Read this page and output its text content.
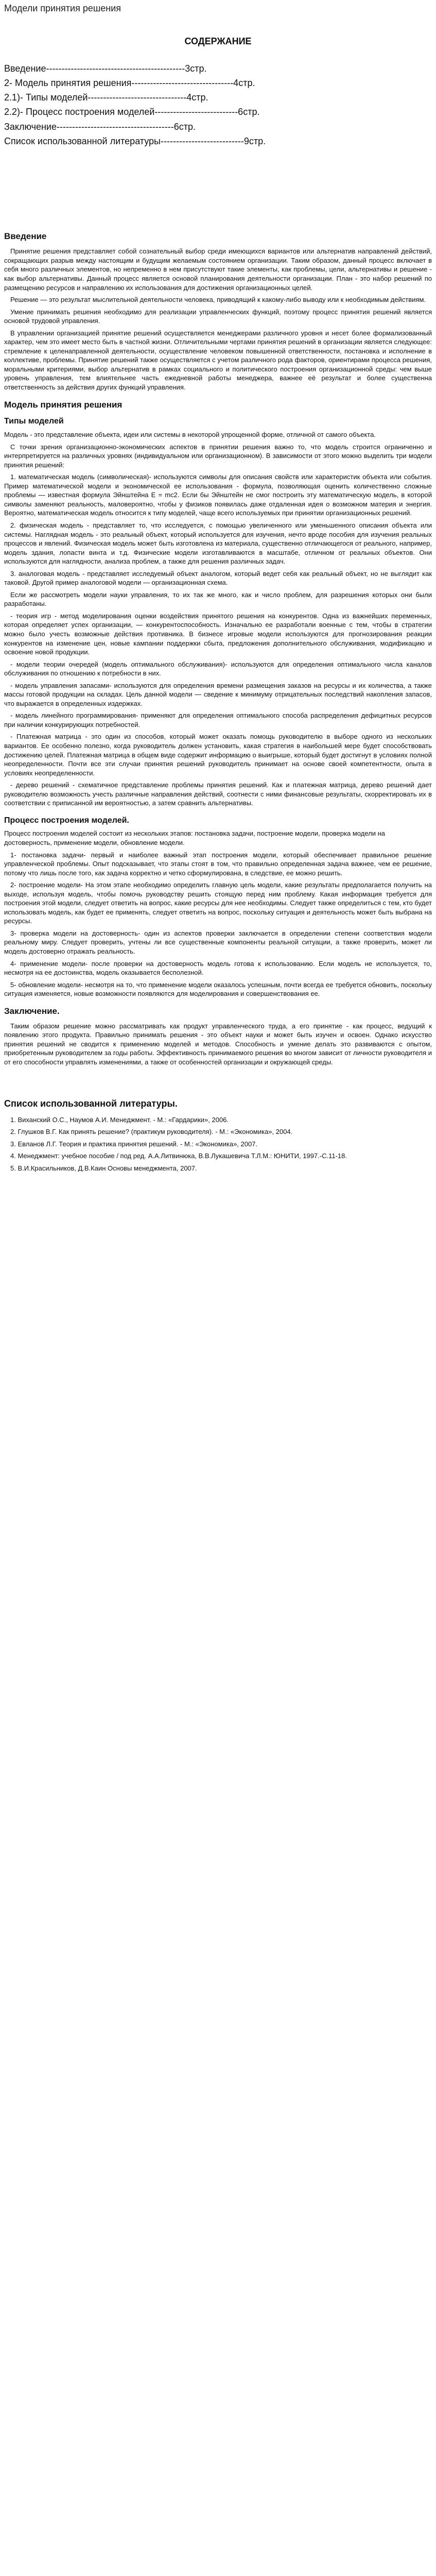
Модели принятия решения
СОДЕРЖАНИЕ
Введение---------------------------------------------3стр.
2- Модель принятия решения---------------------------------4стр.
2.1)- Типы моделей--------------------------------4стр.
2.2)- Процесс построения моделей---------------------------6стр.
Заключение--------------------------------------6стр.
Список использованной литературы---------------------------9стр.
Введение

Принятие решения представляет собой сознательный выбор среди имеющихся вариантов или альтернатив направлений действий, сокращающих разрыв между настоящим и будущим желаемым состоянием организации. Таким образом, данный процесс включает в себя много различных элементов, но непременно в нем присутствуют такие элементы, как проблемы, цели, альтернативы и решение - как выбор альтернативы. Данный процесс является основой планирования деятельности организации. План - это набор решений по размещению ресурсов и направлению их использования для достижения организационных целей.

Решение — это результат мыслительной деятельности человека, приводящий к какому-либо выводу или к необходимым действиям.

Умение принимать решения необходимо для реализации управленческих функций, поэтому процесс принятия решений является основой трудовой управления.

В управлении организацией принятие решений осуществляется менеджерами различного уровня и несет более формализованный характер, чем это имеет место быть в частной жизни. Отличительными чертами принятия решений в организации является следующее: стремление к целенаправленной деятельности, осуществление человеком повышенной ответственности, постановка и исполнение в коллективе, проблемы. Принятие решений также осуществляется с учетом различного рода факторов, ориентирами процесса решения, моральными критериями, выбор альтернатив в рамках социального и политического построения организационной среды: чем выше уровень управления, тем влиятельнее часть ежедневной работы менеджера, важнее её результат и более существенна ответственность за действия других функций управления.

Модель принятия решения
Типы моделей

Модель - это представление объекта, идеи или системы в некоторой упрощенной форме, отличной от самого объекта.

С точки зрения организационно-экономических аспектов в принятии решения важно то, что модель строится ограниченно и интерпретируется на различных уровнях (индивидуальном или организационном). В зависимости от этого можно выделить три модели принятия решений:

1. математическая модель (символическая)- используются символы для описания свойств или характеристик объекта или события. Пример математической модели и экономической ее использования - формула, позволяющая оценить количественно сложные проблемы — известная формула Эйнштейна E = mc2. Если бы Эйнштейн не смог построить эту математическую модель, в которой символы заменяют реальность, маловероятно, чтобы у физиков появилась даже отдаленная идея о возможном материя и энергия. Вероятно, математическая модель относится к типу моделей, чаще всего используемых при принятии организационных решений.

2. физическая модель - представляет то, что исследуется, с помощью увеличенного или уменьшенного описания объекта или системы. Наглядная модель - это реальный объект, который используется для изучения, нечто вроде пособия для изучения реальных процессов и явлений. Физическая модель может быть изготовлена из материала, существенно отличающегося от реального, например, модель здания, лопасти винта и т.д. Физические модели изготавливаются в масштабе, отличном от реальных объектов. Они используются для наглядности, анализа проблем, а также для решения различных задач.

3. аналоговая модель - представляет исследуемый объект аналогом, который ведет себя как реальный объект, но не выглядит как таковой. Другой пример аналоговой модели — организационная схема.

Если же рассмотреть модели науки управления, то их так же много, как и число проблем, для разрешения которых они были разработаны.

- теория игр - метод моделирования оценки воздействия принятого решения на конкурентов. Одна из важнейших переменных, которая определяет успех организации, — конкурентоспособность. Изначально ее разработали военные с тем, чтобы в стратегии можно было учесть возможные действия противника. В бизнесе игровые модели используются для прогнозирования реакции конкурентов на изменение цен, новые кампании поддержки сбыта, предложения дополнительного обслуживания, модификацию и освоение новой продукции.

- модели теории очередей (модель оптимального обслуживания)- используются для определения оптимального числа каналов обслуживания по отношению к потребности в них.

- модель управления запасами- используются для определения времени размещения заказов на ресурсы и их количества, а также массы готовой продукции на складах. Цель данной модели — сведение к минимуму отрицательных последствий накопления запасов, что выражается в определенных издержках.

- модель линейного программирования- применяют для определения оптимального способа распределения дефицитных ресурсов при наличии конкурирующих потребностей.

- Платежная матрица - это один из способов, который может оказать помощь руководителю в выборе одного из нескольких вариантов. Ее особенно полезно, когда руководитель должен установить, какая стратегия в наибольшей мере будет способствовать достижению целей. Платежная матрица в общем виде содержит информацию о выигрыше, который будет достигнут в условиях полной неопределенности. Почти все эти случаи принятия решений руководитель принимает на основе своей компетентности, опыта в условиях неопределенности.

- дерево решений - схематичное представление проблемы принятия решений. Как и платежная матрица, дерево решений дает руководителю возможность учесть различные направления действий, соотнести с ними финансовые результаты, скорректировать их в соответствии с приписанной им вероятностью, а затем сравнить альтернативы.

Процесс построения моделей.

Процесс построения моделей состоит из нескольких этапов: постановка задачи, построение модели, проверка модели на достоверность, применение модели, обновление модели.

1- постановка задачи- первый и наиболее важный этап построения модели, который обеспечивает правильное решение управленческой проблемы. Опыт подсказывает, что этапы стоят в том, что правильно определенная задача важнее, чем ее решение, потому что лишь после того, как задача корректно и четко сформулирована, в следствие, ее можно решить.

2- построение модели- На этом этапе необходимо определить главную цель модели, какие результаты предполагается получить на выходе, используя модель, чтобы помочь руководству решить стоящую перед ним проблему. Какая информация требуется для построения этой модели, следует ответить на вопрос, какие ресурсы для нее необходимы. Следует также определиться с тем, кто будет использовать модель, как будет ее применять, следует ответить на вопрос, поскольку ситуация и деятельность может быть выбрана на ресурсы.

3- проверка модели на достоверность- один из аспектов проверки заключается в определении степени соответствия модели реальному миру. Следует проверить, учтены ли все существенные компоненты реальной ситуации, а также проверить, может ли модель достоверно отражать реальность.

4- применение модели- после проверки на достоверность модель готова к использованию. Если модель не используется, то, несмотря на ее достоинства, модель оказывается бесполезной.

5- обновление модели- несмотря на то, что применение модели оказалось успешным, почти всегда ее требуется обновить, поскольку ситуация изменяется, новые возможности появляются для моделирования и совершенствования ее.

Заключение.

Таким образом решение можно рассматривать как продукт управленческого труда, а его принятие - как процесс, ведущий к появлению этого продукта. Правильно принимать решения - это объект науки и может быть изучен и освоен. Однако искусство принятия решений не сводится к применению моделей и методов. Способность и умение делать это развиваются с опытом, приобретенным руководителем за годы работы. Эффективность принимаемого решения во многом зависит от личности руководителя и от его способности управлять изменениями, а также от особенностей организации и окружающей среды.

Список использованной литературы.
1. Виханский О.С., Наумов А.И. Менеджмент. - М.: «Гардарики», 2006.
2. Глушков В.Г. Как принять решение? (практикум руководителя). - М.: «Экономика», 2004.
3. Евланов Л.Г. Теория и практика принятия решений. - М.: «Экономика», 2007.
4. Менеджмент: учебное пособие / под ред. А.А.Литвинюка, В.В.Лукашевича Т.Л.М.: ЮНИТИ, 1997.-С.11-18.
5. В.И.Красильников, Д.В.Каин Основы менеджмента, 2007.
